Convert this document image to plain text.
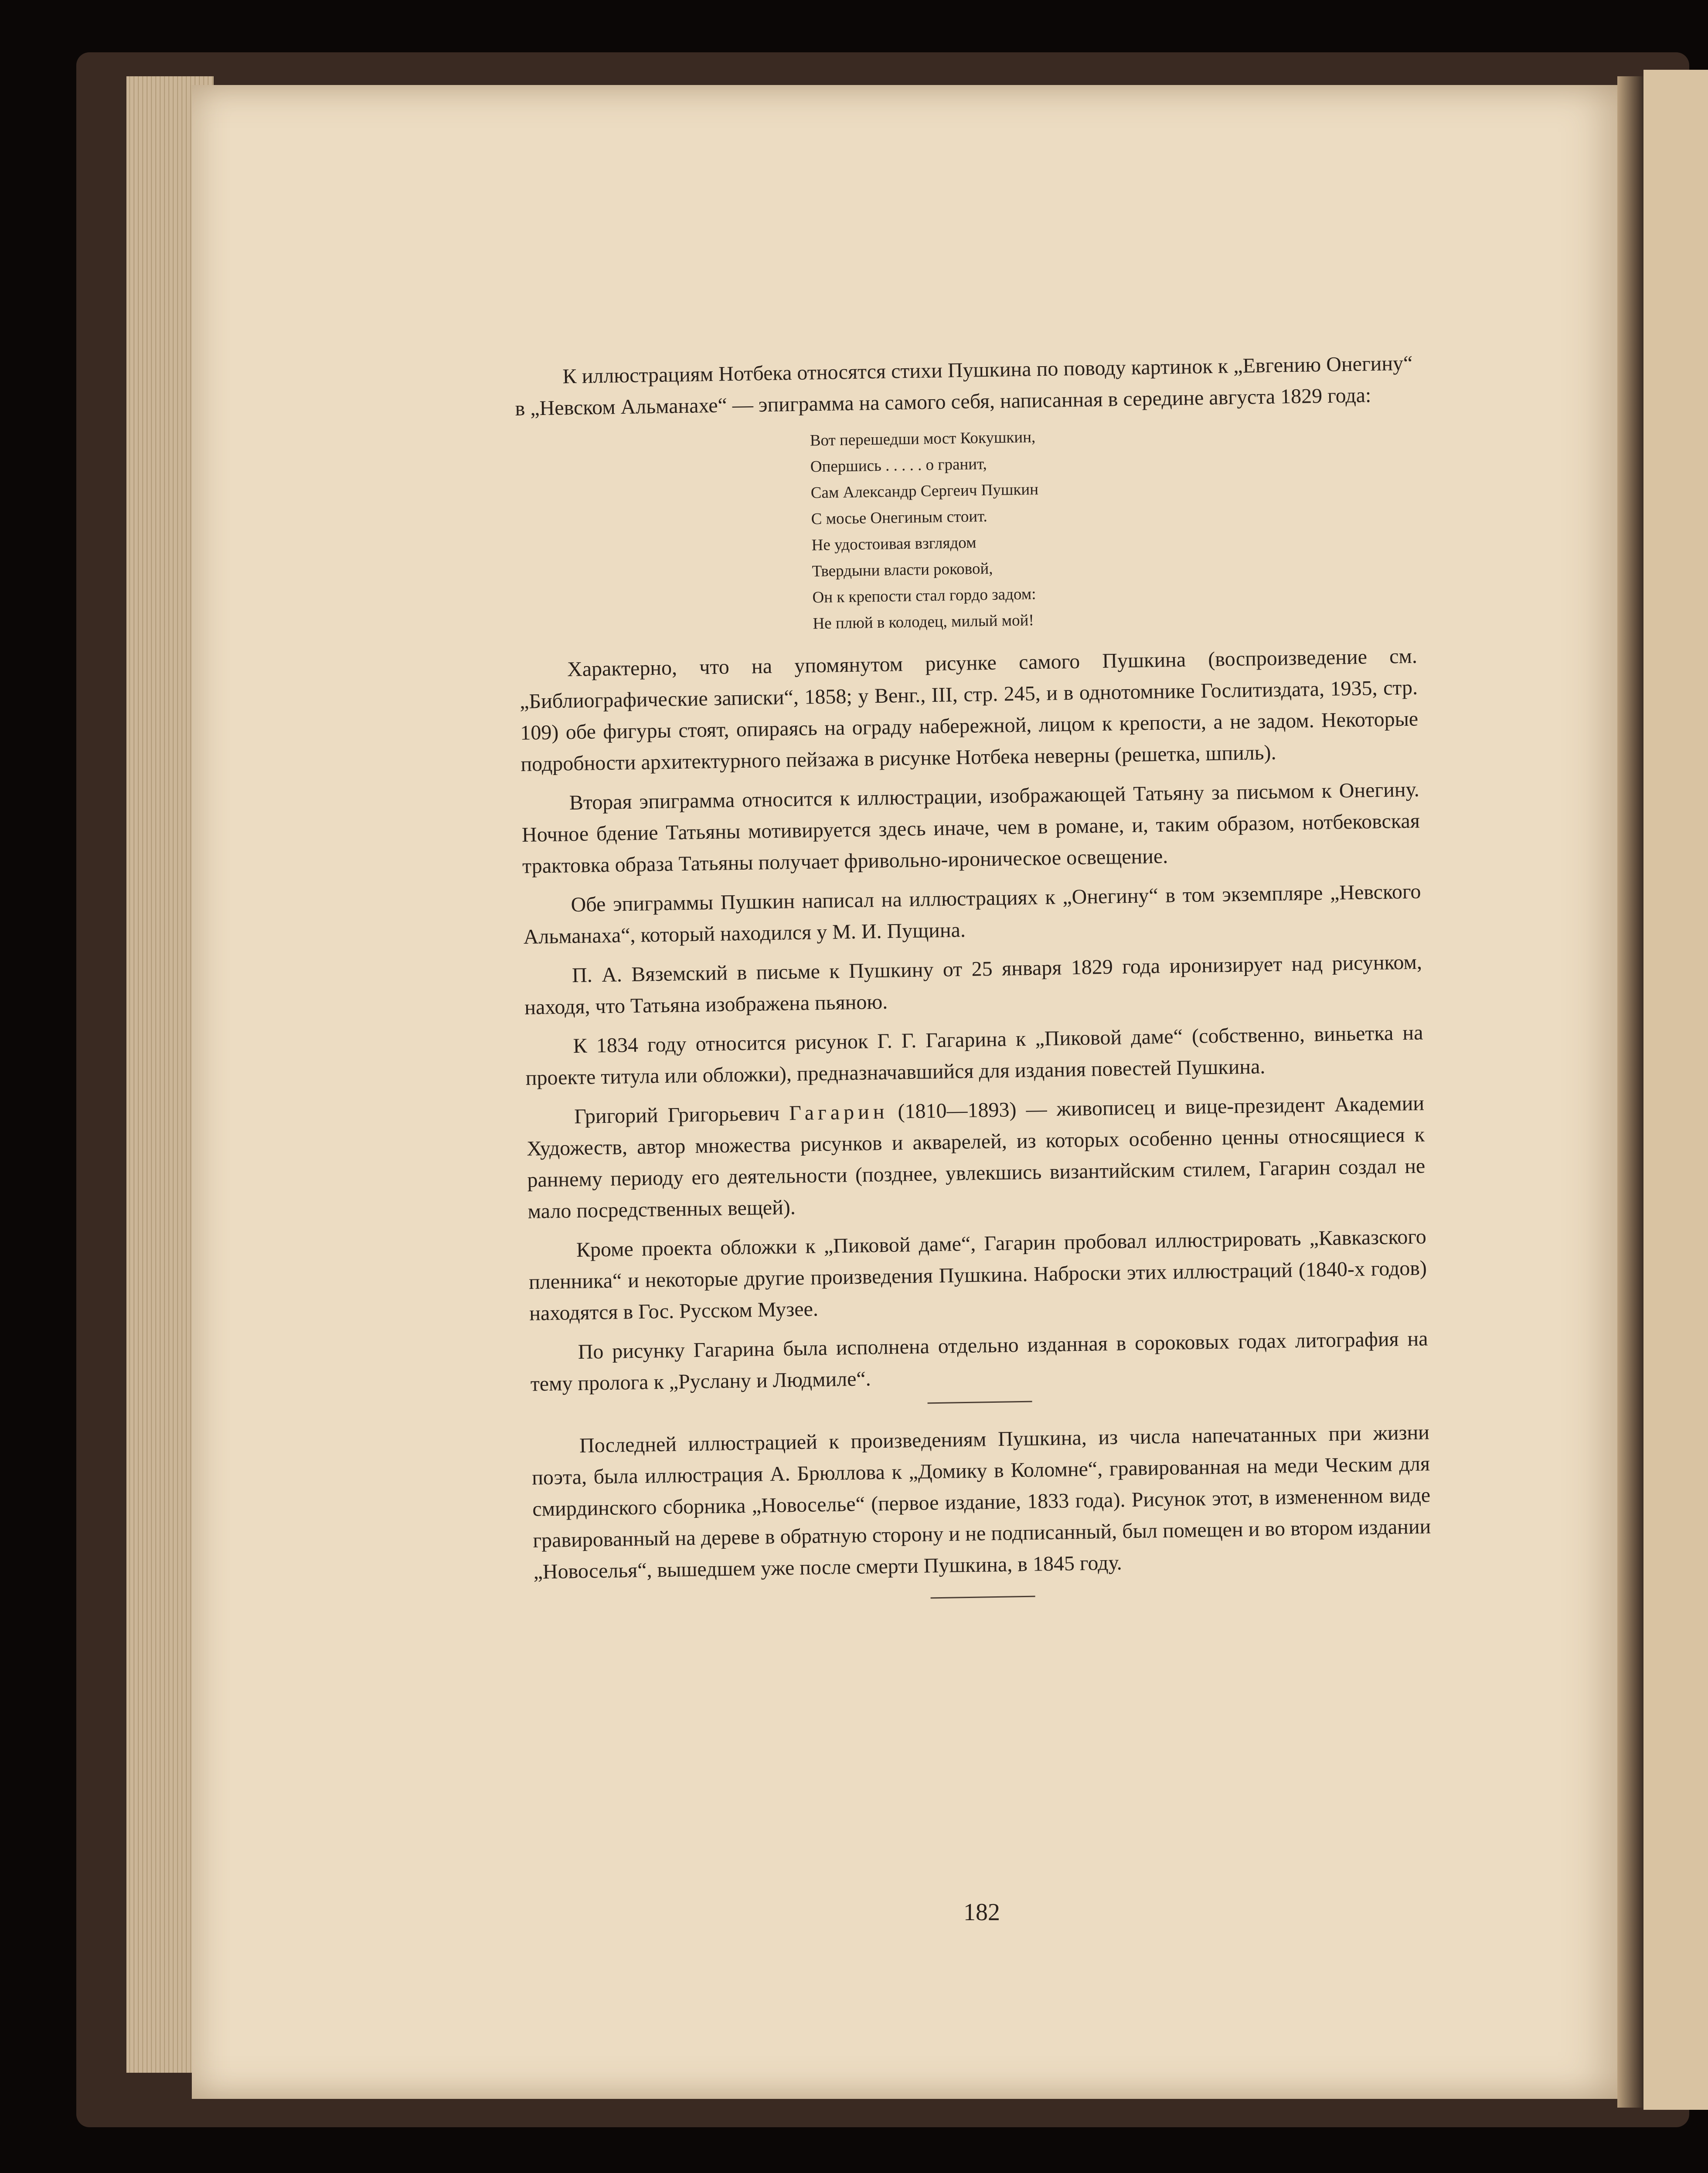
К иллюстрациям Нотбека относятся стихи Пушкина по поводу картинок к „Евгению Онегину“ в „Невском Альманахе“ — эпиграмма на самого себя, написанная в середине августа 1829 года:

Вот перешедши мост Кокушкин,
Опершись . . . . . о гранит,
Сам Александр Сергеич Пушкин
С мосье Онегиным стоит.
Не удостоивая взглядом
Твердыни власти роковой,
Он к крепости стал гордо задом:
Не плюй в колодец, милый мой!

Характерно, что на упомянутом рисунке самого Пушкина (воспроизведение см. „Библиографические записки“, 1858; у Венг., III, стр. 245, и в однотомнике Гослитиздата, 1935, стр. 109) обе фигуры стоят, опираясь на ограду набережной, лицом к крепости, а не задом. Некоторые подробности архитектурного пейзажа в рисунке Нотбека неверны (решетка, шпиль).

Вторая эпиграмма относится к иллюстрации, изображающей Татьяну за письмом к Онегину. Ночное бдение Татьяны мотивируется здесь иначе, чем в романе, и, таким образом, нотбековская трактовка образа Татьяны получает фривольно-ироническое освещение.

Обе эпиграммы Пушкин написал на иллюстрациях к „Онегину“ в том экземпляре „Невского Альманаха“, который находился у М. И. Пущина.

П. А. Вяземский в письме к Пушкину от 25 января 1829 года иронизирует над рисунком, находя, что Татьяна изображена пьяною.

К 1834 году относится рисунок Г. Г. Гагарина к „Пиковой даме“ (собственно, виньетка на проекте титула или обложки), предназначавшийся для издания повестей Пушкина.

Григорий Григорьевич Гагарин (1810—1893) — живописец и вице-президент Академии Художеств, автор множества рисунков и акварелей, из которых особенно ценны относящиеся к раннему периоду его деятельности (позднее, увлекшись византийским стилем, Гагарин создал не мало посредственных вещей).

Кроме проекта обложки к „Пиковой даме“, Гагарин пробовал иллюстрировать „Кавказского пленника“ и некоторые другие произведения Пушкина. Наброски этих иллюстраций (1840-х годов) находятся в Гос. Русском Музее.

По рисунку Гагарина была исполнена отдельно изданная в сороковых годах литография на тему пролога к „Руслану и Людмиле“.

Последней иллюстрацией к произведениям Пушкина, из числа напечатанных при жизни поэта, была иллюстрация А. Брюллова к „Домику в Коломне“, гравированная на меди Ческим для смирдинского сборника „Новоселье“ (первое издание, 1833 года). Рисунок этот, в измененном виде гравированный на дереве в обратную сторону и не подписанный, был помещен и во втором издании „Новоселья“, вышедшем уже после смерти Пушкина, в 1845 году.

182
